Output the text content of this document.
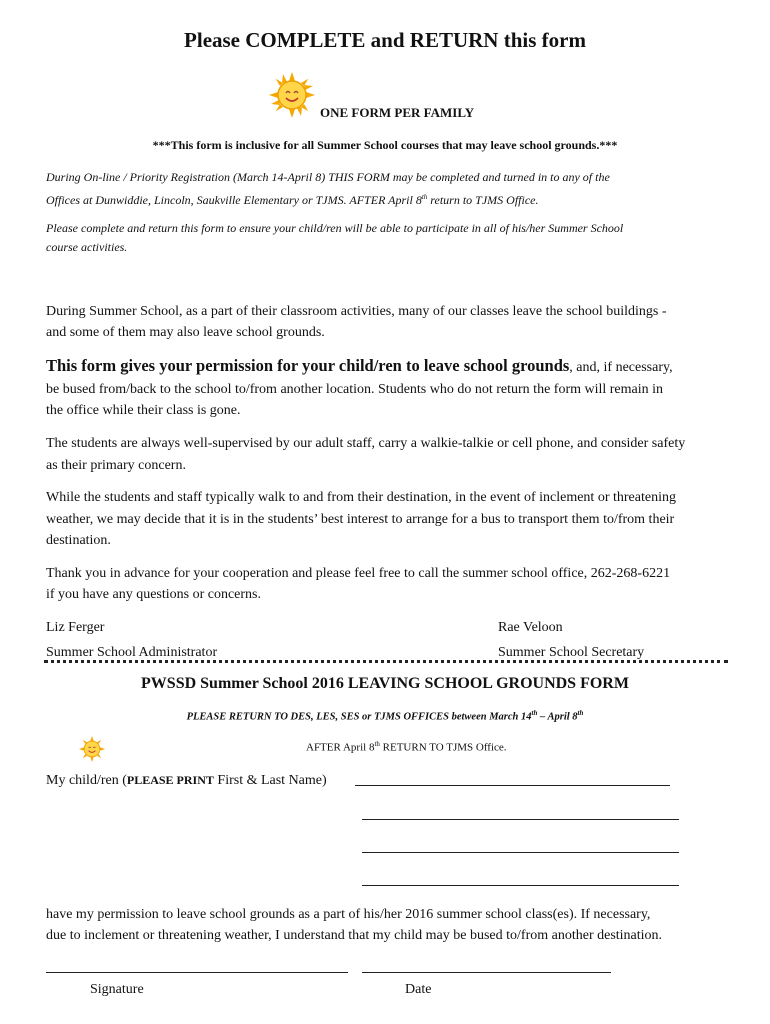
Please COMPLETE and RETURN this form
ONE FORM PER FAMILY
***This form is inclusive for all Summer School courses that may leave school grounds.***
During On-line / Priority Registration (March 14-April 8) THIS FORM may be completed and turned in to any of the
Offices at Dunwiddie, Lincoln, Saukville Elementary or TJMS. AFTER April 8th return to TJMS Office.
Please complete and return this form to ensure your child/ren will be able to participate in all of his/her Summer School
course activities.
During Summer School, as a part of their classroom activities, many of our classes leave the school buildings -
and some of them may also leave school grounds.
This form gives your permission for your child/ren to leave school grounds, and, if necessary,
be bused from/back to the school to/from another location. Students who do not return the form will remain in
the office while their class is gone.
The students are always well-supervised by our adult staff, carry a walkie-talkie or cell phone, and consider safety
as their primary concern.
While the students and staff typically walk to and from their destination, in the event of inclement or threatening
weather, we may decide that it is in the students’ best interest to arrange for a bus to transport them to/from their
destination.
Thank you in advance for your cooperation and please feel free to call the summer school office, 262-268-6221
if you have any questions or concerns.
Liz Ferger
Summer School Administrator
Rae Veloon
Summer School Secretary
PWSSD Summer School 2016 LEAVING SCHOOL GROUNDS FORM
PLEASE RETURN TO DES, LES, SES or TJMS OFFICES between March 14th – April 8th
AFTER April 8th RETURN TO TJMS Office.
My child/ren (PLEASE PRINT First & Last Name)
have my permission to leave school grounds as a part of his/her 2016 summer school class(es). If necessary,
due to inclement or threatening weather, I understand that my child may be bused to/from another destination.
Signature	Date
